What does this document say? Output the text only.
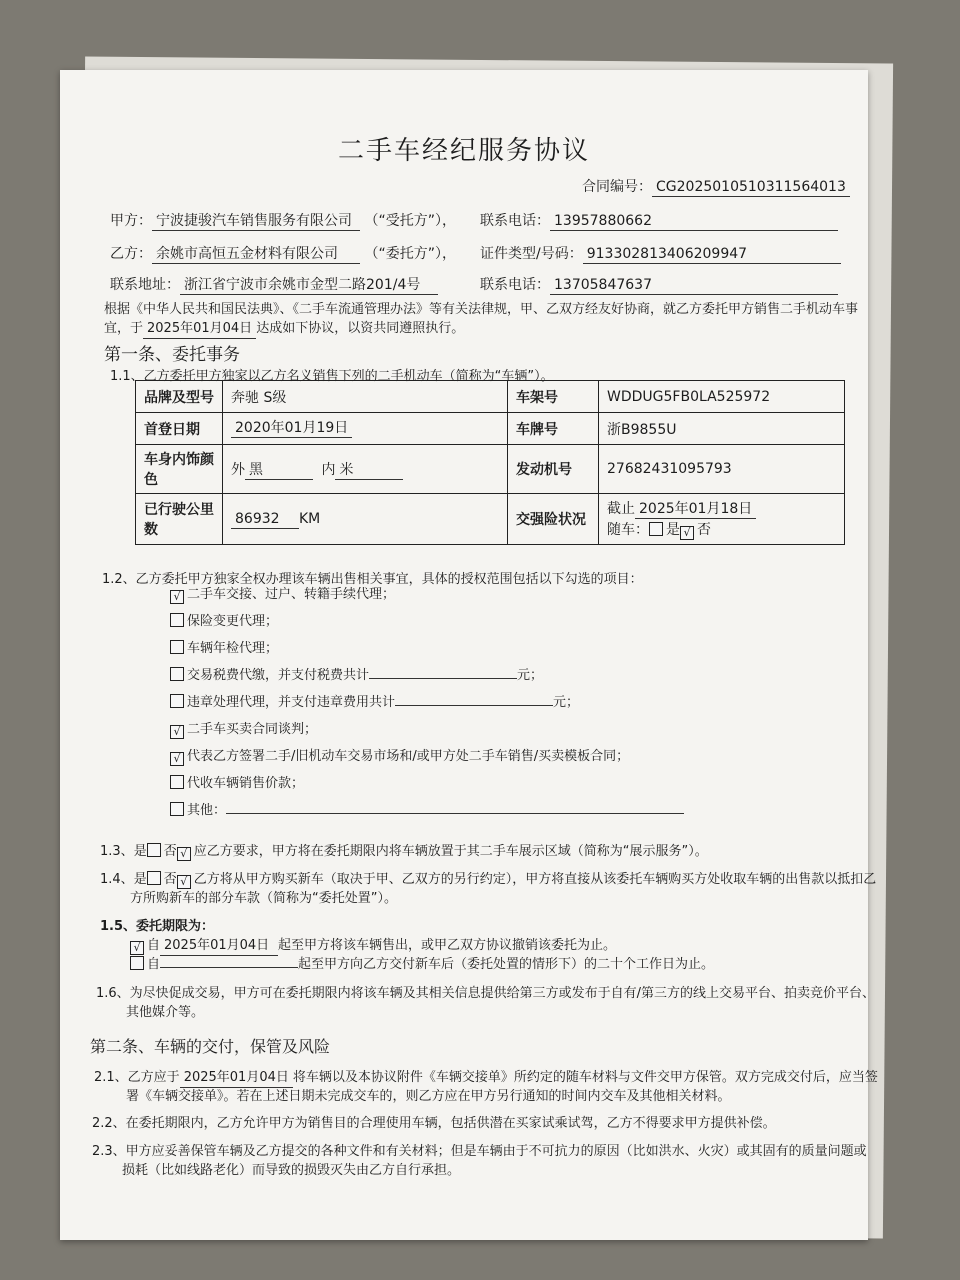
二手车经纪服务协议
合同编号： CG2025010510311564013
甲方： 宁波捷骏汽车销售服务有限公司 （“受托方”）， 联系电话： 13957880662
乙方： 余姚市高恒五金材料有限公司 （“委托方”）， 证件类型/号码： 913302813406209947
联系地址： 浙江省宁波市余姚市金型二路201/4号	联系电话： 13705847637
根据《中华人民共和国民法典》、《二手车流通管理办法》等有关法律规，甲、乙双方经友好协商，就乙方委托甲方销售二手机动车事
宜，于 2025年01月04日 达成如下协议，以资共同遵照执行。
第一条、委托事务
1.1、乙方委托甲方独家以乙方名义销售下列的二手机动车（简称为“车辆”）。
品牌及型号	奔驰 S级	车架号	WDDUG5FB0LA525972
首登日期	2020年01月19日	车牌号	浙B9855U
车身内饰颜色	外 黑 内 米	发动机号	27682431095793
已行驶公里数	86932 KM	交强险状况	截止 2025年01月18日
随车： 是 √ 否
1.2、乙方委托甲方独家全权办理该车辆出售相关事宜，具体的授权范围包括以下勾选的项目：
√ 二手车交接、过户、转籍手续代理；
保险变更代理；
车辆年检代理；
交易税费代缴，并支付税费共计	元；
违章处理代理，并支付违章费用共计	元；
√ 二手车买卖合同谈判；
√ 代表乙方签署二手/旧机动车交易市场和/或甲方处二手车销售/买卖模板合同；
代收车辆销售价款；
其他：
1.3、是 否 √ 应乙方要求，甲方将在委托期限内将车辆放置于其二手车展示区域（简称为“展示服务”）。
1.4、是 否 √ 乙方将从甲方购买新车（取决于甲、乙双方的另行约定），甲方将直接从该委托车辆购买方处收取车辆的出售款以抵扣乙
方所购新车的部分车款（简称为“委托处置”）。
1.5、委托期限为：
√ 自 2025年01月04日 起至甲方将该车辆售出，或甲乙双方协议撤销该委托为止。
自	起至甲方向乙方交付新车后（委托处置的情形下）的二十个工作日为止。
1.6、为尽快促成交易，甲方可在委托期限内将该车辆及其相关信息提供给第三方或发布于自有/第三方的线上交易平台、拍卖竞价平台、
其他媒介等。
第二条、车辆的交付，保管及风险
2.1、乙方应于 2025年01月04日 将车辆以及本协议附件《车辆交接单》所约定的随车材料与文件交甲方保管。双方完成交付后，应当签
署《车辆交接单》。若在上述日期未完成交车的，则乙方应在甲方另行通知的时间内交车及其他相关材料。
2.2、在委托期限内，乙方允许甲方为销售目的合理使用车辆，包括供潜在买家试乘试驾，乙方不得要求甲方提供补偿。
2.3、甲方应妥善保管车辆及乙方提交的各种文件和有关材料；但是车辆由于不可抗力的原因（比如洪水、火灾）或其固有的质量问题或
损耗（比如线路老化）而导致的损毁灭失由乙方自行承担。
